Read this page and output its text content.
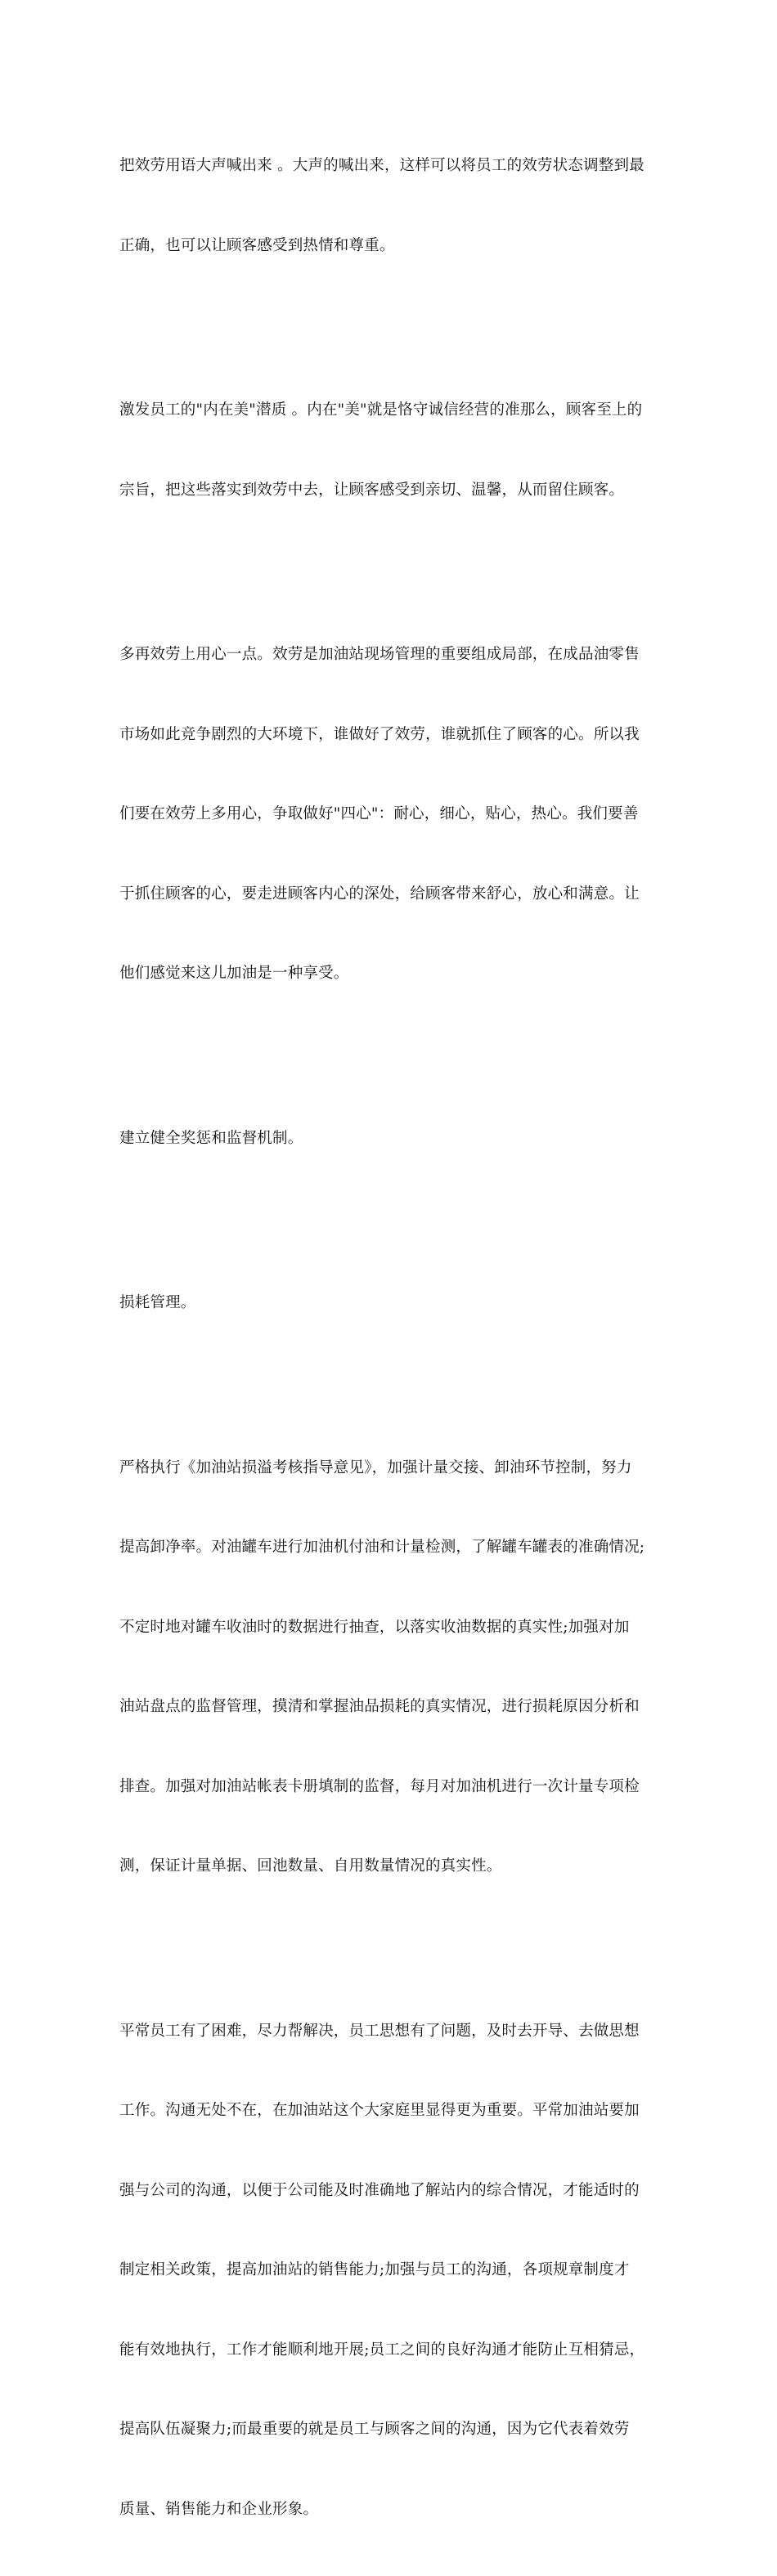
把效劳用语大声喊出来 。大声的喊出来，这样可以将员工的效劳状态调整到最

正确，也可以让顾客感受到热情和尊重。

激发员工的"内在美"潜质 。内在"美"就是恪守诚信经营的准那么，顾客至上的

宗旨，把这些落实到效劳中去，让顾客感受到亲切、温馨，从而留住顾客。

多再效劳上用心一点。效劳是加油站现场管理的重要组成局部，在成品油零售

市场如此竞争剧烈的大环境下，谁做好了效劳，谁就抓住了顾客的心。所以我

们要在效劳上多用心，争取做好"四心"：耐心，细心，贴心，热心。我们要善

于抓住顾客的心，要走进顾客内心的深处，给顾客带来舒心，放心和满意。让

他们感觉来这儿加油是一种享受。

建立健全奖惩和监督机制。

损耗管理。

严格执行《加油站损溢考核指导意见》，加强计量交接、卸油环节控制，努力

提高卸净率。对油罐车进行加油机付油和计量检测，了解罐车罐表的准确情况;

不定时地对罐车收油时的数据进行抽查，以落实收油数据的真实性;加强对加

油站盘点的监督管理，摸清和掌握油品损耗的真实情况，进行损耗原因分析和

排查。加强对加油站帐表卡册填制的监督，每月对加油机进行一次计量专项检

测，保证计量单据、回池数量、自用数量情况的真实性。

平常员工有了困难，尽力帮解决，员工思想有了问题，及时去开导、去做思想

工作。沟通无处不在，在加油站这个大家庭里显得更为重要。平常加油站要加

强与公司的沟通，以便于公司能及时准确地了解站内的综合情况，才能适时的

制定相关政策，提高加油站的销售能力;加强与员工的沟通，各项规章制度才

能有效地执行，工作才能顺利地开展;员工之间的良好沟通才能防止互相猜忌，

提高队伍凝聚力;而最重要的就是员工与顾客之间的沟通，因为它代表着效劳

质量、销售能力和企业形象。
